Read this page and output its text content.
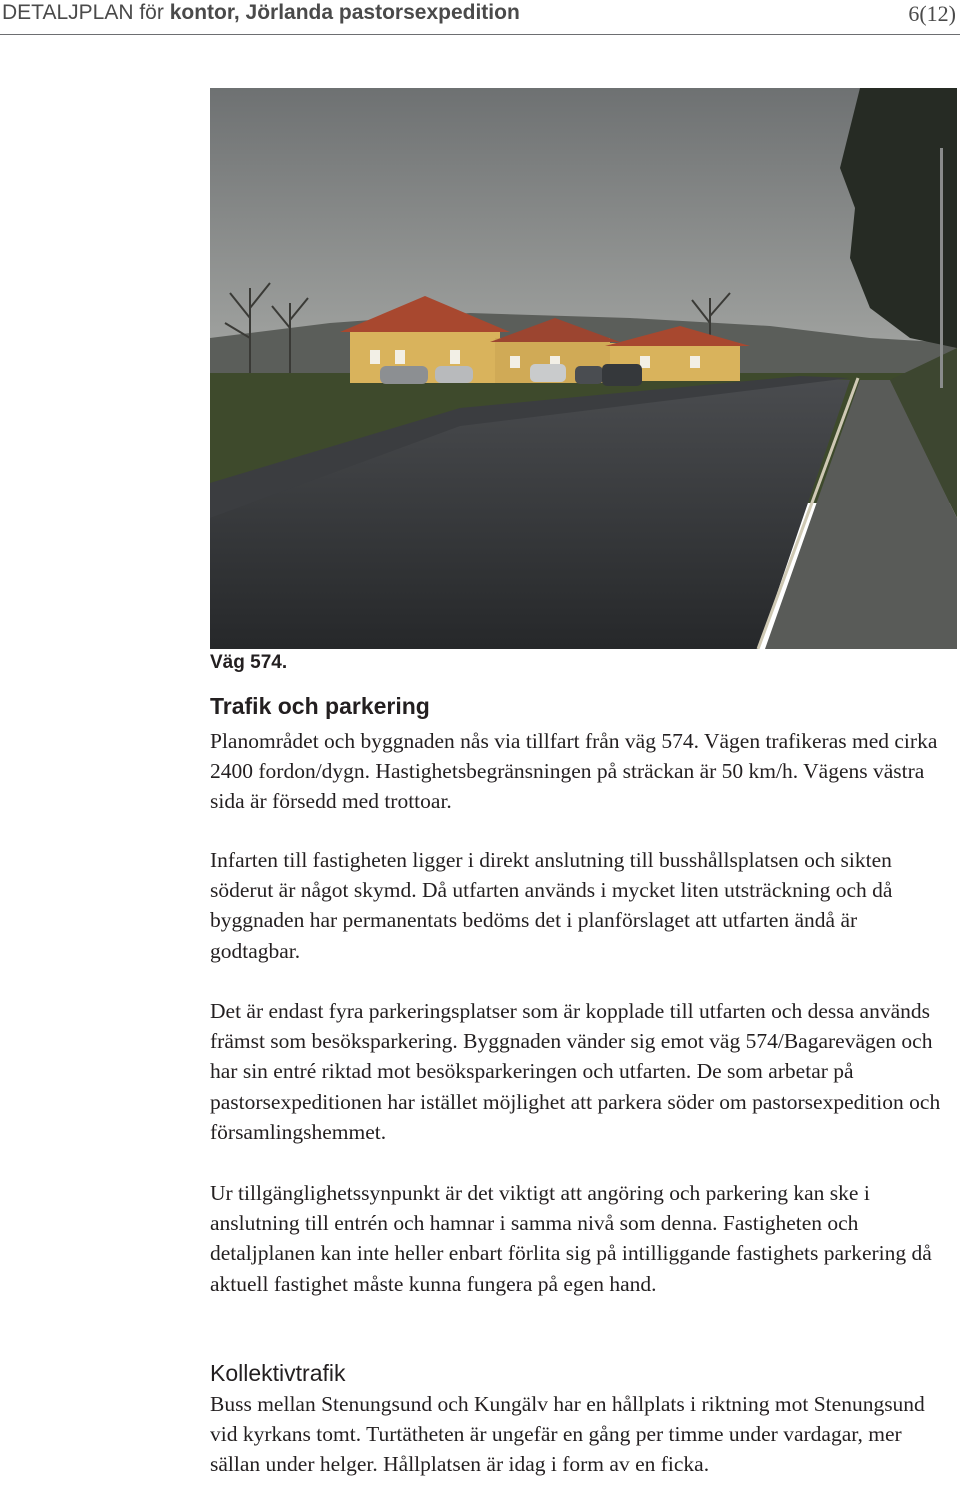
DETALJPLAN för kontor, Jörlanda pastorsexpedition	6(12)
Väg 574.
Trafik och parkering

Planområdet och byggnaden nås via tillfart från väg 574. Vägen trafikeras med cirka 2400 fordon/dygn. Hastighetsbegränsningen på sträckan är 50 km/h. Vägens västra sida är försedd med trottoar.

Infarten till fastigheten ligger i direkt anslutning till busshållsplatsen och sikten söderut är något skymd. Då utfarten används i mycket liten utsträckning och då byggnaden har permanentats bedöms det i planförslaget att utfarten ändå är godtagbar.

Det är endast fyra parkeringsplatser som är kopplade till utfarten och dessa används främst som besöksparkering. Byggnaden vänder sig emot väg 574/Bagarevägen och har sin entré riktad mot besöksparkeringen och utfarten. De som arbetar på pastorsexpeditionen har istället möjlighet att parkera söder om pastorsexpedition och församlingshemmet.

Ur tillgänglighetssynpunkt är det viktigt att angöring och parkering kan ske i anslutning till entrén och hamnar i samma nivå som denna. Fastigheten och detaljplanen kan inte heller enbart förlita sig på intilliggande fastighets parkering då aktuell fastighet måste kunna fungera på egen hand.

Kollektivtrafik

Buss mellan Stenungsund och Kungälv har en hållplats i riktning mot Stenungsund vid kyrkans tomt. Turtätheten är ungefär en gång per timme under vardagar, mer sällan under helger. Hållplatsen är idag i form av en ficka.
